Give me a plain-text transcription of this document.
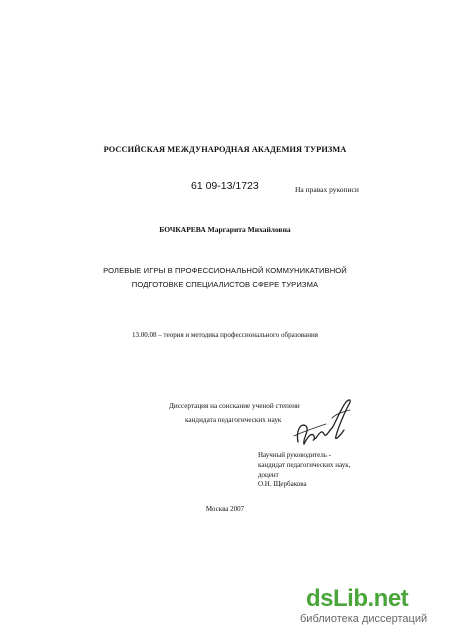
РОССИЙСКАЯ МЕЖДУНАРОДНАЯ АКАДЕМИЯ ТУРИЗМА
61 09-13/1723	На правах рукописи
БОЧКАРЕВА Маргарита Михайловна
РОЛЕВЫЕ ИГРЫ В ПРОФЕССИОНАЛЬНОЙ КОММУНИКАТИВНОЙ
ПОДГОТОВКЕ СПЕЦИАЛИСТОВ СФЕРЕ ТУРИЗМА
13.00.08 – теория и методика профессионального образования
Диссертация на соискание ученой степени
кандидата педагогических наук
Научный руководитель -
кандидат педагогических наук,
доцент
О.Н. Щербакова
Москва 2007
dsLib.net
библиотека диссертаций
